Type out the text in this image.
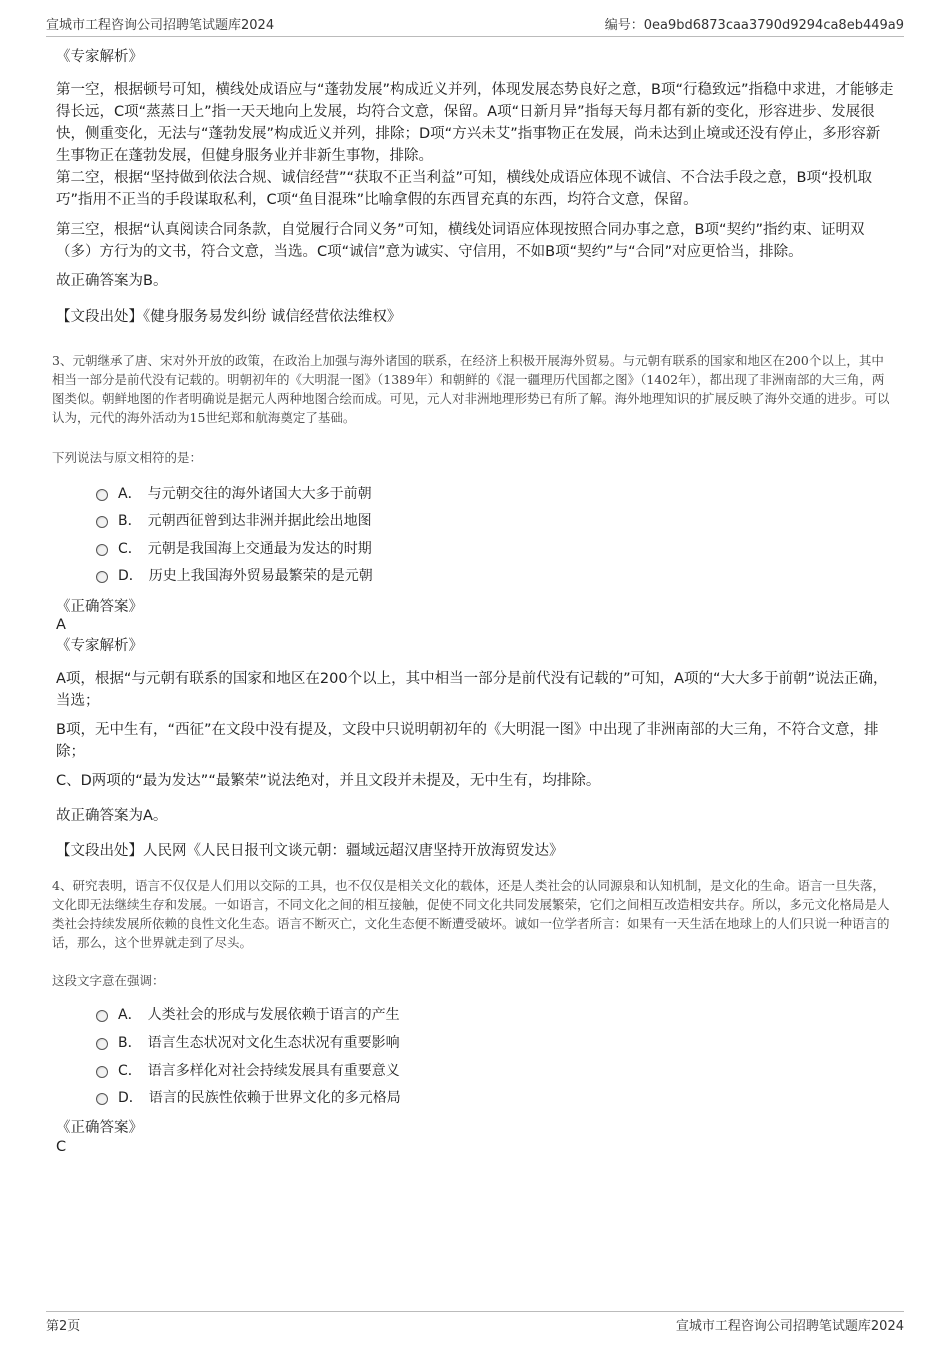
宣城市工程咨询公司招聘笔试题库2024	编号：0ea9bd6873caa3790d9294ca8eb449a9
《专家解析》

第一空，根据顿号可知，横线处成语应与“蓬勃发展”构成近义并列，体现发展态势良好之意，B项“行稳致远”指稳中求进，才能够走得长远，C项“蒸蒸日上”指一天天地向上发展，均符合文意，保留。A项“日新月异”指每天每月都有新的变化，形容进步、发展很快，侧重变化，无法与“蓬勃发展”构成近义并列，排除；D项“方兴未艾”指事物正在发展，尚未达到止境或还没有停止，多形容新生事物正在蓬勃发展，但健身服务业并非新生事物，排除。

第二空，根据“坚持做到依法合规、诚信经营”“获取不正当利益”可知，横线处成语应体现不诚信、不合法手段之意，B项“投机取巧”指用不正当的手段谋取私利，C项“鱼目混珠”比喻拿假的东西冒充真的东西，均符合文意，保留。

第三空，根据“认真阅读合同条款，自觉履行合同义务”可知，横线处词语应体现按照合同办事之意，B项“契约”指约束、证明双（多）方行为的文书，符合文意，当选。C项“诚信”意为诚实、守信用，不如B项“契约”与“合同”对应更恰当，排除。

故正确答案为B。
【文段出处】《健身服务易发纠纷 诚信经营依法维权》

3、元朝继承了唐、宋对外开放的政策，在政治上加强与海外诸国的联系，在经济上积极开展海外贸易。与元朝有联系的国家和地区在200个以上，其中相当一部分是前代没有记载的。明朝初年的《大明混一图》（1389年）和朝鲜的《混一疆理历代国都之图》（1402年），都出现了非洲南部的大三角，两图类似。朝鲜地图的作者明确说是据元人两种地图合绘而成。可见，元人对非洲地理形势已有所了解。海外地理知识的扩展反映了海外交通的进步。可以认为，元代的海外活动为15世纪郑和航海奠定了基础。

下列说法与原文相符的是：
A． 与元朝交往的海外诸国大大多于前朝
B． 元朝西征曾到达非洲并据此绘出地图
C． 元朝是我国海上交通最为发达的时期
D． 历史上我国海外贸易最繁荣的是元朝
《正确答案》
A
《专家解析》

A项，根据“与元朝有联系的国家和地区在200个以上，其中相当一部分是前代没有记载的”可知，A项的“大大多于前朝”说法正确，当选；

B项，无中生有，“西征”在文段中没有提及，文段中只说明朝初年的《大明混一图》中出现了非洲南部的大三角，不符合文意，排除；

C、D两项的“最为发达”“最繁荣”说法绝对，并且文段并未提及，无中生有，均排除。
故正确答案为A。
【文段出处】人民网《人民日报刊文谈元朝：疆域远超汉唐坚持开放海贸发达》

4、研究表明，语言不仅仅是人们用以交际的工具，也不仅仅是相关文化的载体，还是人类社会的认同源泉和认知机制，是文化的生命。语言一旦失落，文化即无法继续生存和发展。一如语言，不同文化之间的相互接触，促使不同文化共同发展繁荣，它们之间相互改造相安共存。所以，多元文化格局是人类社会持续发展所依赖的良性文化生态。语言不断灭亡，文化生态便不断遭受破坏。诚如一位学者所言：如果有一天生活在地球上的人们只说一种语言的话，那么，这个世界就走到了尽头。

这段文字意在强调：
A． 人类社会的形成与发展依赖于语言的产生
B． 语言生态状况对文化生态状况有重要影响
C． 语言多样化对社会持续发展具有重要意义
D． 语言的民族性依赖于世界文化的多元格局
《正确答案》
C
第2页	宣城市工程咨询公司招聘笔试题库2024
